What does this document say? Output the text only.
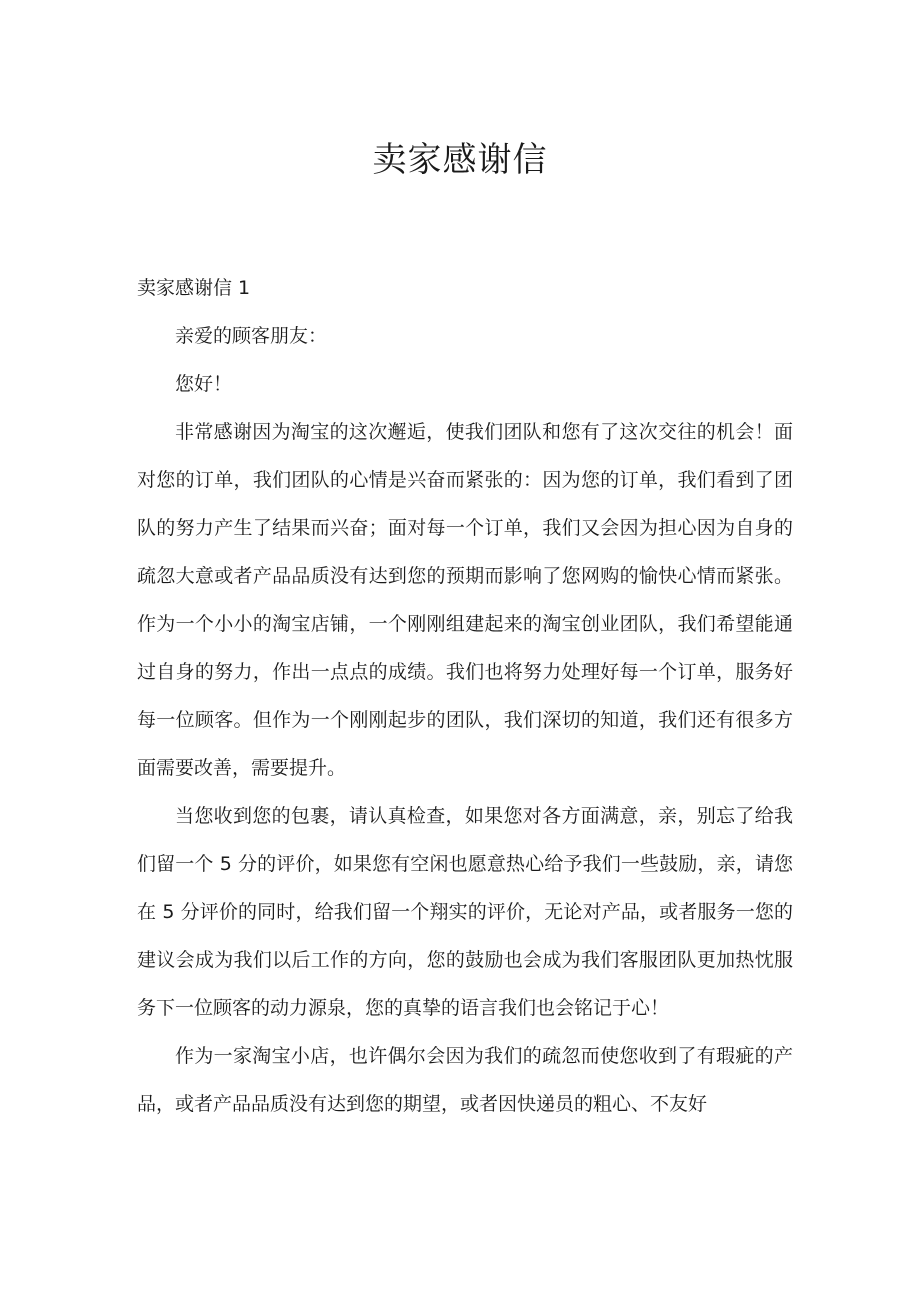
卖家感谢信

卖家感谢信 1

亲爱的顾客朋友：

您好！

非常感谢因为淘宝的这次邂逅，使我们团队和您有了这次交往的机会！面对您的订单，我们团队的心情是兴奋而紧张的：因为您的订单，我们看到了团队的努力产生了结果而兴奋；面对每一个订单，我们又会因为担心因为自身的疏忽大意或者产品品质没有达到您的预期而影响了您网购的愉快心情而紧张。作为一个小小的淘宝店铺，一个刚刚组建起来的淘宝创业团队，我们希望能通过自身的努力，作出一点点的成绩。我们也将努力处理好每一个订单，服务好每一位顾客。但作为一个刚刚起步的团队，我们深切的知道，我们还有很多方面需要改善，需要提升。

当您收到您的包裹，请认真检查，如果您对各方面满意，亲，别忘了给我们留一个 5 分的评价，如果您有空闲也愿意热心给予我们一些鼓励，亲，请您在 5 分评价的同时，给我们留一个翔实的评价，无论对产品，或者服务一您的建议会成为我们以后工作的方向，您的鼓励也会成为我们客服团队更加热忱服务下一位顾客的动力源泉，您的真挚的语言我们也会铭记于心！

作为一家淘宝小店，也许偶尔会因为我们的疏忽而使您收到了有瑕疵的产品，或者产品品质没有达到您的期望，或者因快递员的粗心、不友好
